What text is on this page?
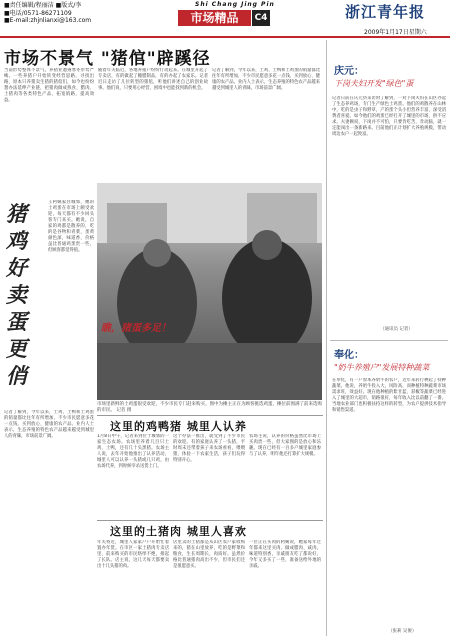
■责任编辑/程丽洁 ■版式/李
■电话/0571-86271109
■E-mail:zhjnlianxi@163.com
Shi Chang Jing Pin
市场精品	C4	浙江青年报
2009年1月17日星期六
市场不景气 "猪倌"辟蹊径
当前形势整体不景气，养猪业遭遇寒冬形势严峻。一些养猪户开始转变经营思路，寻找出路，原本只养猪卖生猪的猪倌们，如今也纷纷想办法延伸产业链，把猪肉做成熟食、腊肉、土猪肉等各类特色产品，拓宽销路，提高效益。
随着年关临近，各地养猪户纷纷行动起来。在城里开起了专卖店，有的做起了腌腊制品，有的办起了农家乐。记者近日走访了几位转型的猪倌，听他们讲述自己的创业故事。他们说，只要用心经营，困境中也能找到新的机会。
记者了解到，今年以来，土鸡、土鸭和土鸡蛋的销量都比往年有所增加，不少市民愿意多花一点钱，买到放心、健康的农产品。业内人士表示，生态养殖的特色农产品越来越受到城里人的青睐，市场前景广阔。
猪鸡好卖蛋更俏
王阿姨家住城郊，她的土鸡蛋在市场上颇受欢迎，每天都有不少回头客专门来买。她说，自家的鸡都是散养的，吃的是谷物和青菜，蛋黄颜色深，味道香，价格虽比普通鸡蛋贵一些，但顾客都觉得值。
记者了解到，今年以来，土鸡、土鸭和土鸡蛋的销量都比往年有所增加，不少市民愿意多花一点钱，买到放心、健康的农产品。业内人士表示，生态养殖的特色农产品越来越受到城里人的青睐，市场前景广阔。
瞧，猪蛋多足！
市场里新鲜的土鸡蛋很受欢迎，不少市民专门赶来购买。图中为摊主正在为顾客挑选鸡蛋，摊位前围满了前来选购的市民。 记者 摄
这里的鸡鸭猪 城里人认养
1月8日中午，记者来到位于城郊的一家生态农场。农场里养着几百只土鸡、土鸭，还有几十头黑猪。农场主人说，去年开始他推出了认养活动，城里人可以认养一头猪或几只鸡，由农场代养，到时候宰杀送货上门。
这个办法一推出，就受到了不少市民的欢迎。有的家庭认养了一头猪，平时周末还带着孩子来农场看看，喂喂猪，体验一下农家生活，孩子们玩得特别开心。
农场主说，认养的价格虽然比市场上买肉贵一些，但大家图的是放心和乐趣。现在已经有一百多户城里家庭参与了认养，明年他还打算扩大规模。
这里的土猪肉 城里人喜欢
年关将近，城里人家家户户开始忙着置办年货。在市区一家土猪肉专卖店里，前来购买的市民络绎不绝，排起了长队。店主说，这几天每天都要卖出十几头猪的肉。
店里卖的土猪都是从山区农户家收购来的，猪在山里放养，吃的是野菜和粮食，生长周期长，肉质好。虽然价格比普通猪肉高出不少，但市民们还是很愿意买。
一位正在买肉的阿姨说，她家每年过年都来这里买肉，做成腊肉、咸肉，味道特别香，亲戚朋友吃了都说好，今年又多买了一些，准备送给外地的亲戚。
庆元：
下岗夫妇开发"绿色"蛋
记者日前在庆元县采访时了解到，一对下岗夫妇在山区办起了生态养鸡场，专门生产绿色土鸡蛋。他们的鸡散养在山林中，吃的是虫子和野草，产的蛋个头小但营养丰富，深受消费者喜爱。如今他们的鸡蛋已经打开了城里的市场，供不应求。夫妻俩说，下岗并不可怕，只要肯吃苦，肯动脑，就一定能闯出一条新路来。目前他们正计划扩大养殖规模，带动周边农户一起致富。
（通讯员 记者）
奉化：
"奶牛养殖户"发展特种蔬菜
在奉化，有一户原本养奶牛的农户，近年来转行种起了特种蔬菜。他说，养奶牛投入大，风险高，而种植特种蔬菜市场需求旺，效益好。现在他种植的紫甘蓝、彩椒等蔬菜已经进入了城里的大超市，销路很好，每年收入比以前翻了一番。当地农业部门也积极扶持这样的转型，为农户提供技术指导和销售渠道。
（张莉 吴俊）
